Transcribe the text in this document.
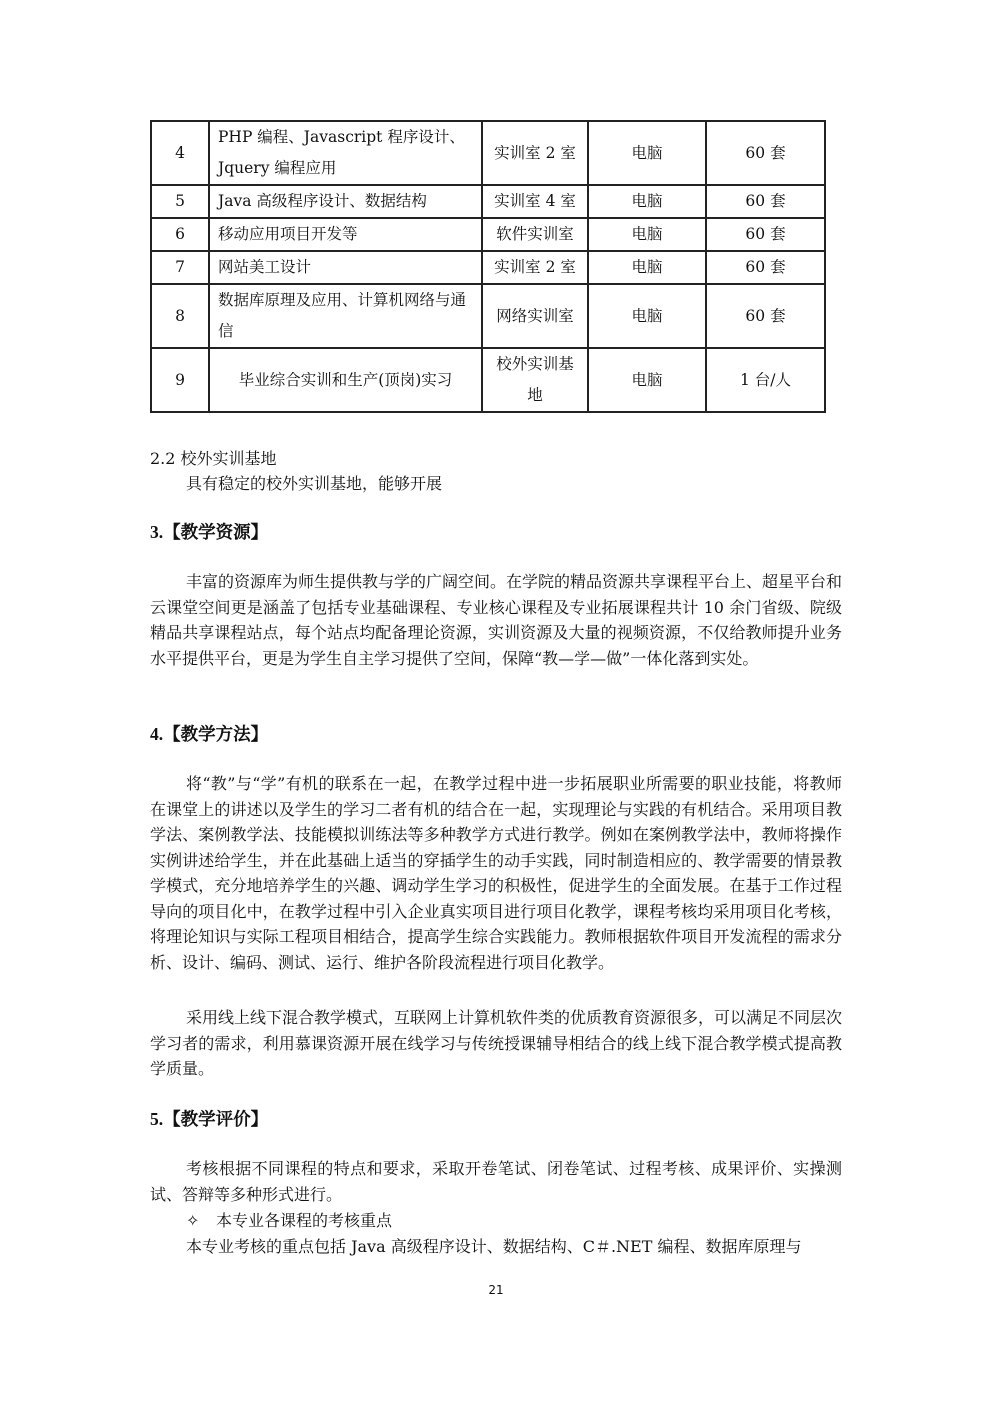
4	PHP 编程、Javascript 程序设计、Jquery 编程应用	实训室 2 室	电脑	60 套
5	Java 高级程序设计、数据结构	实训室 4 室	电脑	60 套
6	移动应用项目开发等	软件实训室	电脑	60 套
7	网站美工设计	实训室 2 室	电脑	60 套
8	数据库原理及应用、计算机网络与通信	网络实训室	电脑	60 套
9	毕业综合实训和生产(顶岗)实习	校外实训基地	电脑	1 台/人
2.2 校外实训基地
具有稳定的校外实训基地，能够开展
3.【教学资源】

丰富的资源库为师生提供教与学的广阔空间。在学院的精品资源共享课程平台上、超星平台和云课堂空间更是涵盖了包括专业基础课程、专业核心课程及专业拓展课程共计 10 余门省级、院级精品共享课程站点，每个站点均配备理论资源，实训资源及大量的视频资源，不仅给教师提升业务水平提供平台，更是为学生自主学习提供了空间，保障“教—学—做”一体化落到实处。

4.【教学方法】

将“教”与“学”有机的联系在一起，在教学过程中进一步拓展职业所需要的职业技能，将教师在课堂上的讲述以及学生的学习二者有机的结合在一起，实现理论与实践的有机结合。采用项目教学法、案例教学法、技能模拟训练法等多种教学方式进行教学。例如在案例教学法中，教师将操作实例讲述给学生，并在此基础上适当的穿插学生的动手实践，同时制造相应的、教学需要的情景教学模式，充分地培养学生的兴趣、调动学生学习的积极性，促进学生的全面发展。在基于工作过程导向的项目化中，在教学过程中引入企业真实项目进行项目化教学，课程考核均采用项目化考核，将理论知识与实际工程项目相结合，提高学生综合实践能力。教师根据软件项目开发流程的需求分析、设计、编码、测试、运行、维护各阶段流程进行项目化教学。

采用线上线下混合教学模式，互联网上计算机软件类的优质教育资源很多，可以满足不同层次学习者的需求，利用慕课资源开展在线学习与传统授课辅导相结合的线上线下混合教学模式提高教学质量。

5.【教学评价】

考核根据不同课程的特点和要求，采取开卷笔试、闭卷笔试、过程考核、成果评价、实操测试、答辩等多种形式进行。

✧ 本专业各课程的考核重点

本专业考核的重点包括 Java 高级程序设计、数据结构、C＃.NET 编程、数据库原理与

21
